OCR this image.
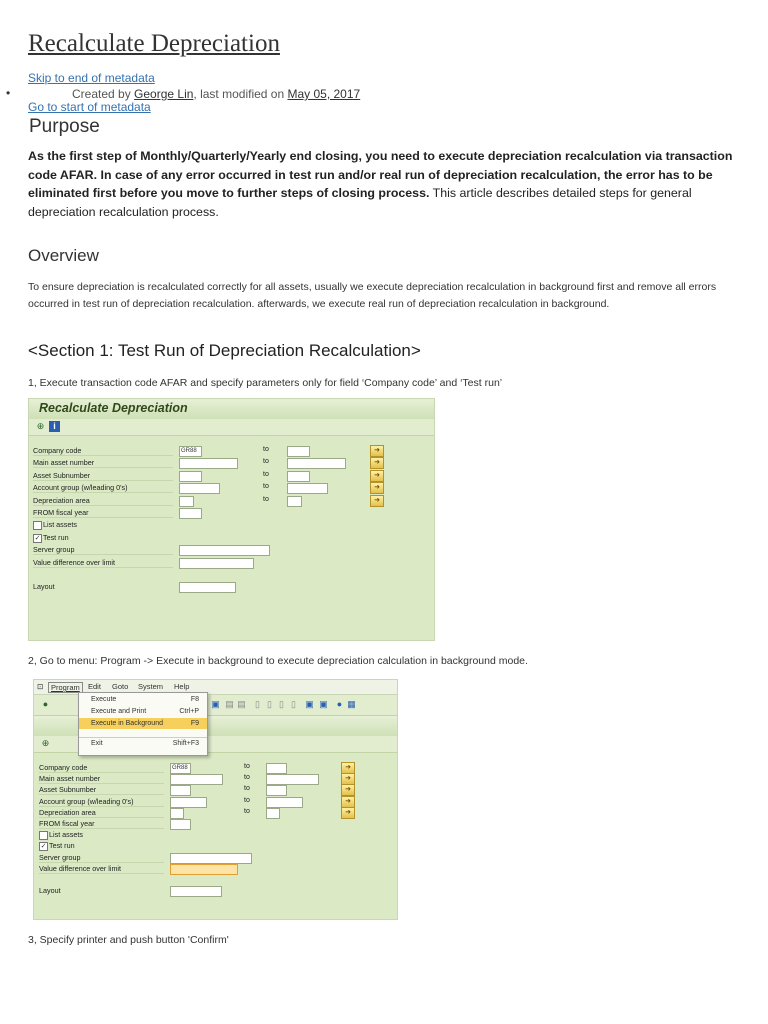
Recalculate Depreciation
Skip to end of metadata

Go to start of metadata
•	Created by George Lin, last modified on May 05, 2017
Purpose
As the first step of Monthly/Quarterly/Yearly end closing, you need to execute depreciation recalculation via transaction code AFAR. In case of any error occurred in test run and/or real run of depreciation recalculation, the error has to be eliminated first before you move to further steps of closing process. This article describes detailed steps for general depreciation recalculation process.
Overview
To ensure depreciation is recalculated correctly for all assets, usually we execute depreciation recalculation in background first and remove all errors occurred in test run of depreciation recalculation. afterwards, we execute real run of depreciation recalculation in background.
<Section 1: Test Run of Depreciation Recalculation>
1, Execute transaction code AFAR and specify parameters only for field ‘Company code’ and ‘Test run’
Recalculate Depreciation
⊕ i
Company code	GR88	to	➜
Main asset number	to	➜
Asset Subnumber	to	➜
Account group (w/leading 0's)	to	➜
Depreciation area	to	➜
FROM fiscal year
List assets
✓ Test run
Server group
Value difference over limit
Layout
2, Go to menu: Program -> Execute in background to execute depreciation calculation in background mode.
⊡	Program	Edit Goto System Help
●	▣ ▤ ▤	▯ ▯ ▯ ▯	▣ ▣	● ▦
⊕
Company code	GR88	to	➜
Main asset number	to	➜
Asset Subnumber	to	➜
Account group (w/leading 0's)	to	➜
Depreciation area	to	➜
FROM fiscal year
List assets
✓ Test run
Server group
Value difference over limit
Layout
Execute	F8
Execute and Print	Ctrl+P
Execute in Background	F9
Exit	Shift+F3
3, Specify printer and push button 'Confirm'
